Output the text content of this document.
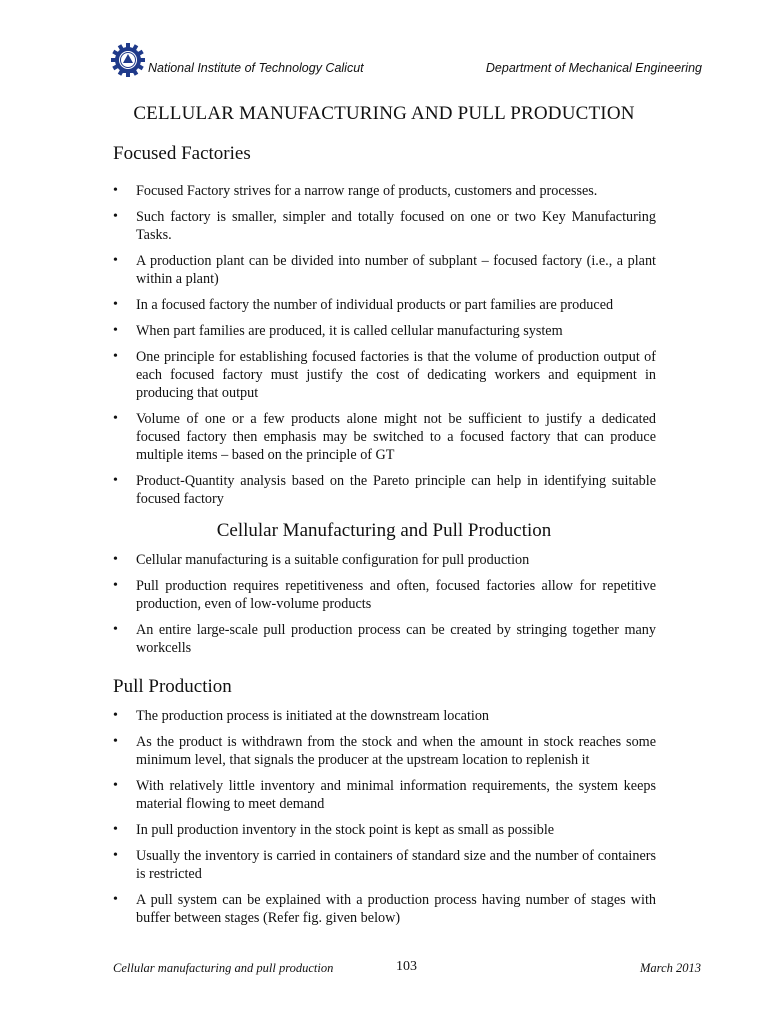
National Institute of Technology Calicut	Department of Mechanical Engineering
CELLULAR MANUFACTURING AND PULL PRODUCTION
Focused Factories
• Focused Factory strives for a narrow range of products, customers and processes.
• Such factory is smaller, simpler and totally focused on one or two Key Manufacturing Tasks.
• A production plant can be divided into number of subplant – focused factory (i.e., a plant within a plant)
• In a focused factory the number of individual products or part families are produced
• When part families are produced, it is called cellular manufacturing system
• One principle for establishing focused factories is that the volume of production output of each focused factory must justify the cost of dedicating workers and equipment in producing that output
• Volume of one or a few products alone might not be sufficient to justify a dedicated focused factory then emphasis may be switched to a focused factory that can produce multiple items – based on the principle of GT
• Product-Quantity analysis based on the Pareto principle can help in identifying suitable focused factory
Cellular Manufacturing and Pull Production
• Cellular manufacturing is a suitable configuration for pull production
• Pull production requires repetitiveness and often, focused factories allow for repetitive production, even of low-volume products
• An entire large-scale pull production process can be created by stringing together many workcells
Pull Production
• The production process is initiated at the downstream location
• As the product is withdrawn from the stock and when the amount in stock reaches some minimum level, that signals the producer at the upstream location to replenish it
• With relatively little inventory and minimal information requirements, the system keeps material flowing to meet demand
• In pull production inventory in the stock point is kept as small as possible
• Usually the inventory is carried in containers of standard size and the number of containers is restricted
• A pull system can be explained with a production process having number of stages with buffer between stages (Refer fig. given below)
Cellular manufacturing and pull production	103	March 2013
